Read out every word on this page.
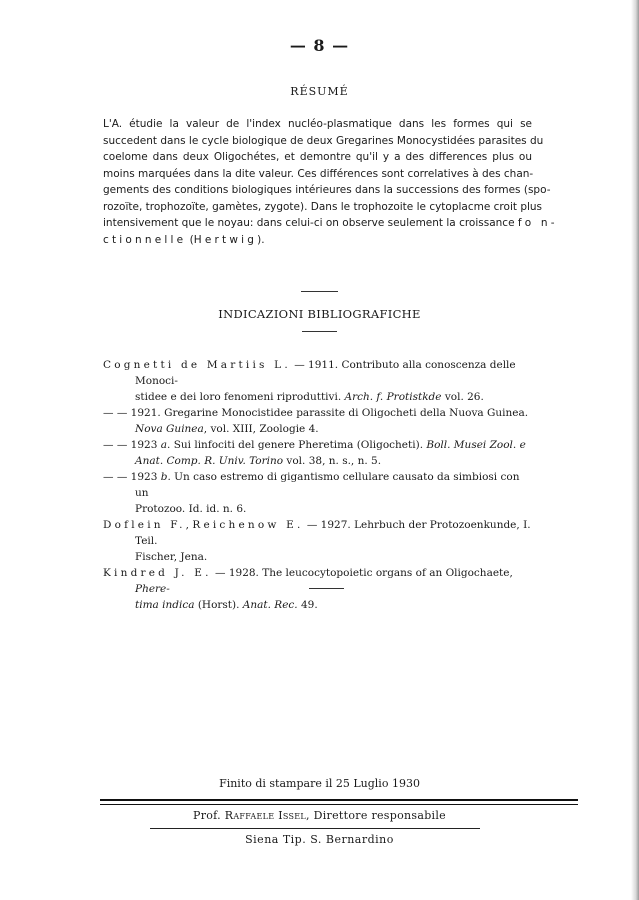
— 8 —
RÉSUMÉ
L'A. étudie la valeur de l'index nucléo-plasmatique dans les formes qui se
succedent dans le cycle biologique de deux Gregarines Monocystidées parasites du
coelome dans deux Oligochétes, et demontre qu'il y a des differences plus ou
moins marquées dans la dite valeur. Ces différences sont correlatives à des chan-
gements des conditions biologiques intérieures dans la successions des formes (spo-
rozoïte, trophozoïte, gamètes, zygote). Dans le trophozoite le cytoplacme croit plus
intensivement que le noyau: dans celui-ci on observe seulement la croissance fo n-
ctionnelle (Hertwig).
INDICAZIONI BIBLIOGRAFICHE
Cognetti de Martiis L. — 1911. Contributo alla conoscenza delle Monoci-
stidee e dei loro fenomeni riproduttivi. Arch. f. Protistkde vol. 26.
— — 1921. Gregarine Monocistidee parassite di Oligocheti della Nuova Guinea.
Nova Guinea, vol. XIII, Zoologie 4.
— — 1923 a. Sui linfociti del genere Pheretima (Oligocheti). Boll. Musei Zool. e
Anat. Comp. R. Univ. Torino vol. 38, n. s., n. 5.
— — 1923 b. Un caso estremo di gigantismo cellulare causato da simbiosi con un
Protozoo. Id. id. n. 6.
Doflein F., Reichenow E. — 1927. Lehrbuch der Protozoenkunde, I. Teil.
Fischer, Jena.
Kindred J. E. — 1928. The leucocytopoietic organs of an Oligochaete, Phere-
tima indica (Horst). Anat. Rec. 49.
Finito di stampare il 25 Luglio 1930
Prof. Raffaele Issel, Direttore responsabile
Siena Tip. S. Bernardino
